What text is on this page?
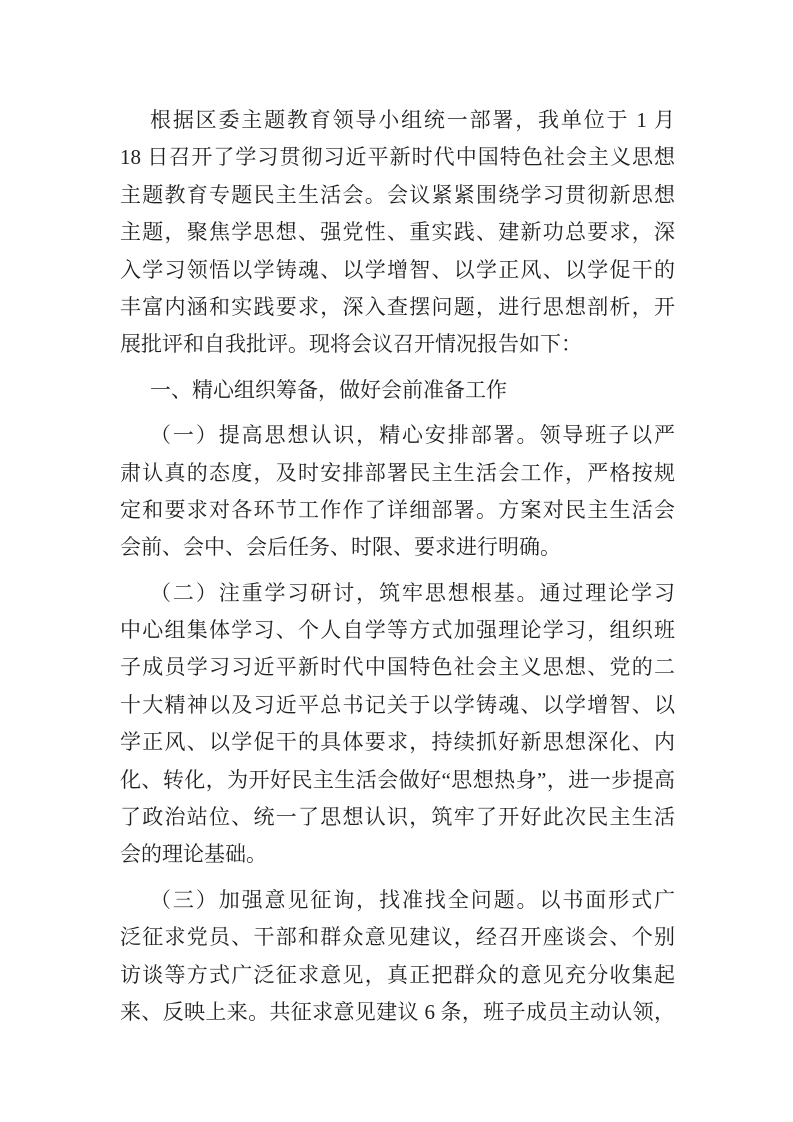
根据区委主题教育领导小组统一部署，我单位于 1 月
18 日召开了学习贯彻习近平新时代中国特色社会主义思想
主题教育专题民主生活会。会议紧紧围绕学习贯彻新思想
主题，聚焦学思想、强党性、重实践、建新功总要求，深
入学习领悟以学铸魂、以学增智、以学正风、以学促干的
丰富内涵和实践要求，深入查摆问题，进行思想剖析，开
展批评和自我批评。现将会议召开情况报告如下：
一、精心组织筹备，做好会前准备工作
（一）提高思想认识，精心安排部署。领导班子以严
肃认真的态度，及时安排部署民主生活会工作，严格按规
定和要求对各环节工作作了详细部署。方案对民主生活会
会前、会中、会后任务、时限、要求进行明确。
（二）注重学习研讨，筑牢思想根基。通过理论学习
中心组集体学习、个人自学等方式加强理论学习，组织班
子成员学习习近平新时代中国特色社会主义思想、党的二
十大精神以及习近平总书记关于以学铸魂、以学增智、以
学正风、以学促干的具体要求，持续抓好新思想深化、内
化、转化，为开好民主生活会做好“思想热身”，进一步提高
了政治站位、统一了思想认识，筑牢了开好此次民主生活
会的理论基础。
（三）加强意见征询，找准找全问题。以书面形式广
泛征求党员、干部和群众意见建议，经召开座谈会、个别
访谈等方式广泛征求意见，真正把群众的意见充分收集起
来、反映上来。共征求意见建议 6 条，班子成员主动认领，
